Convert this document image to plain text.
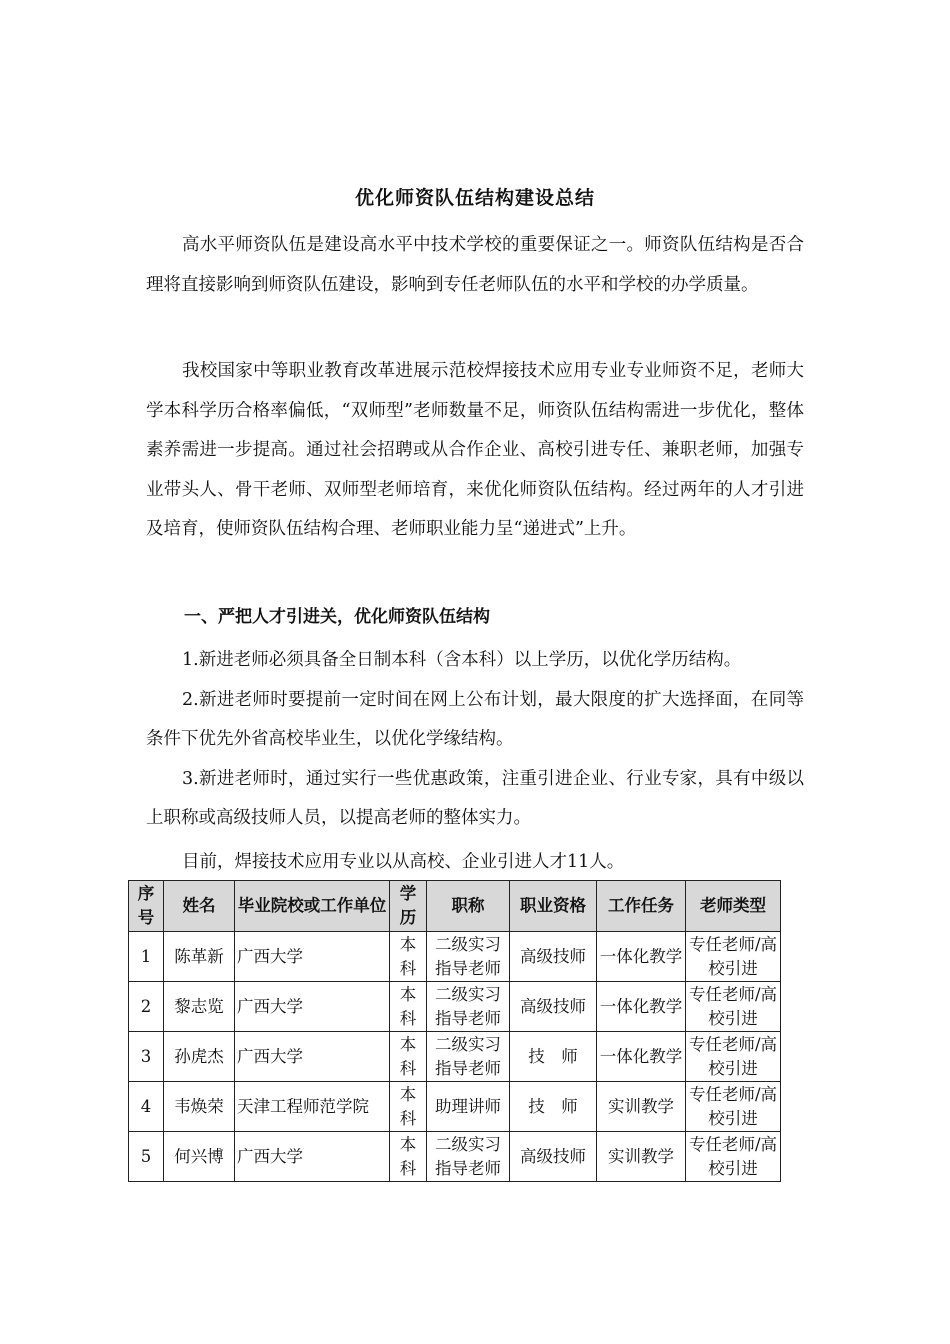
优化师资队伍结构建设总结

高水平师资队伍是建设高水平中技术学校的重要保证之一。师资队伍结构是否合理将直接影响到师资队伍建设，影响到专任老师队伍的水平和学校的办学质量。

我校国家中等职业教育改革进展示范校焊接技术应用专业专业师资不足，老师大学本科学历合格率偏低，“双师型”老师数量不足，师资队伍结构需进一步优化，整体素养需进一步提高。通过社会招聘或从合作企业、高校引进专任、兼职老师，加强专业带头人、骨干老师、双师型老师培育，来优化师资队伍结构。经过两年的人才引进及培育，使师资队伍结构合理、老师职业能力呈“递进式”上升。

一、严把人才引进关，优化师资队伍结构

1.新进老师必须具备全日制本科（含本科）以上学历，以优化学历结构。

2.新进老师时要提前一定时间在网上公布计划，最大限度的扩大选择面，在同等条件下优先外省高校毕业生，以优化学缘结构。

3.新进老师时，通过实行一些优惠政策，注重引进企业、行业专家，具有中级以上职称或高级技师人员，以提高老师的整体实力。

目前，焊接技术应用专业以从高校、企业引进人才11人。
序号	姓名	毕业院校或工作单位	学历	职称	职业资格	工作任务	老师类型
1	陈革新	广西大学	本科	二级实习指导老师	高级技师	一体化教学	专任老师/高校引进
2	黎志览	广西大学	本科	二级实习指导老师	高级技师	一体化教学	专任老师/高校引进
3	孙虎杰	广西大学	本科	二级实习指导老师	技　师	一体化教学	专任老师/高校引进
4	韦焕荣	天津工程师范学院	本科	助理讲师	技　师	实训教学	专任老师/高校引进
5	何兴博	广西大学	本科	二级实习指导老师	高级技师	实训教学	专任老师/高校引进
